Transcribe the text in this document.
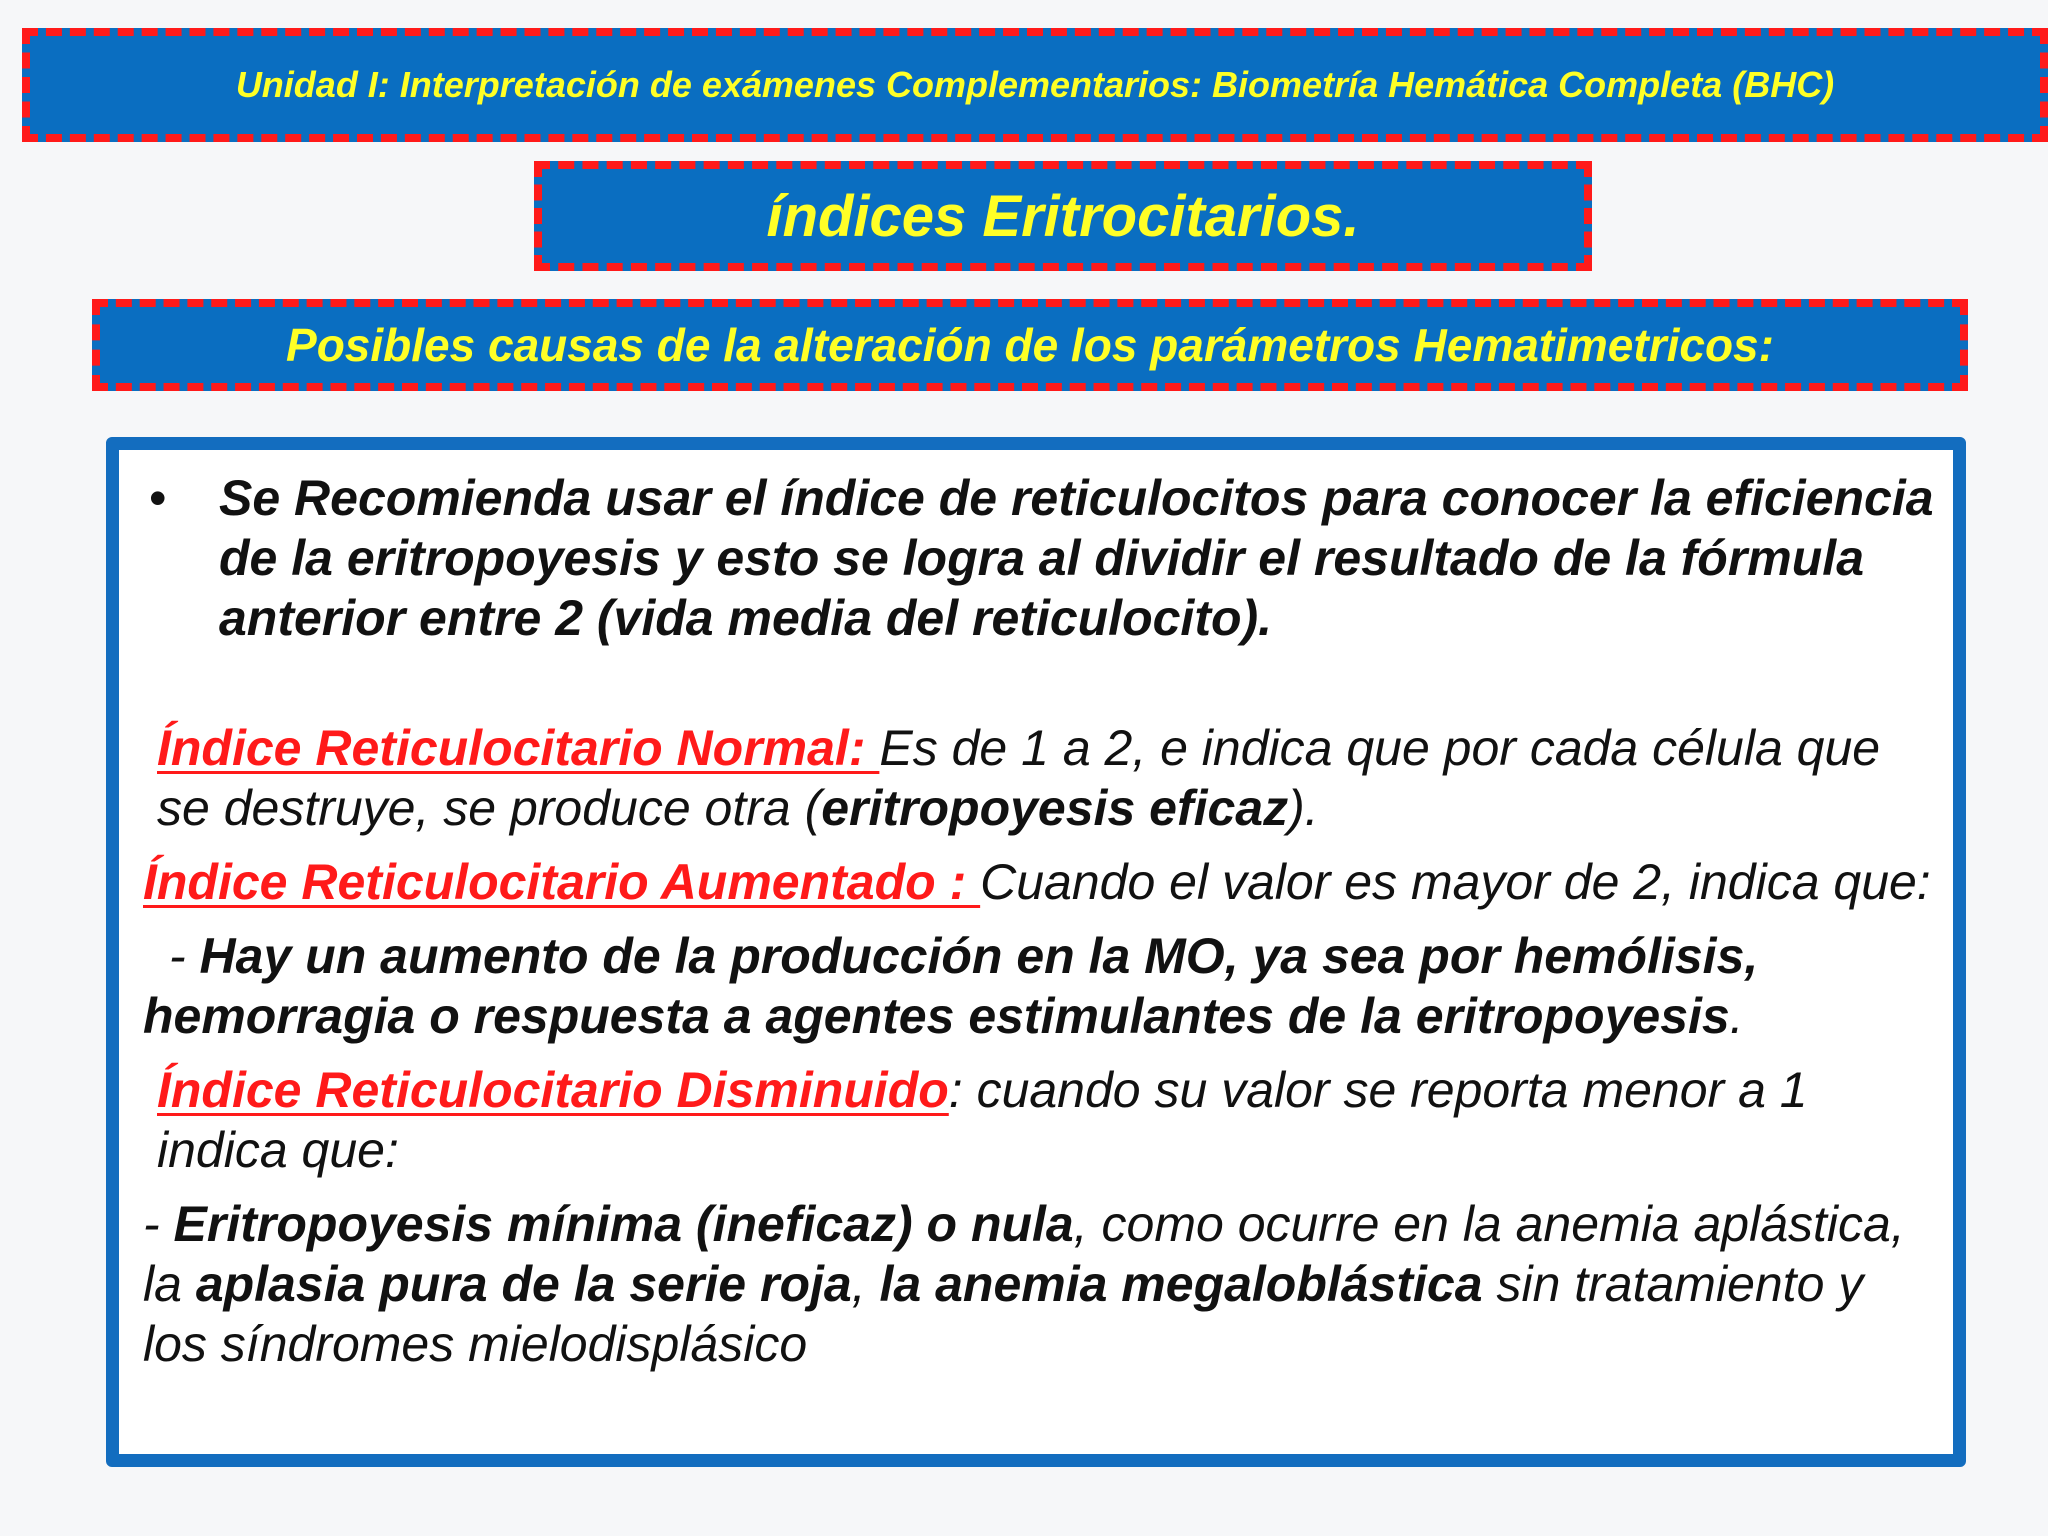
Unidad I: Interpretación de exámenes Complementarios: Biometría Hemática Completa (BHC)
índices Eritrocitarios.
Posibles causas de la alteración de los parámetros Hematimetricos:
• Se Recomienda usar el índice de reticulocitos para conocer la eficiencia de la eritropoyesis y esto se logra al dividir el resultado de la fórmula anterior entre 2 (vida media del reticulocito).

Índice Reticulocitario Normal: Es de 1 a 2, e indica que por cada célula que se destruye, se produce otra (eritropoyesis eficaz).

Índice Reticulocitario Aumentado : Cuando el valor es mayor de 2, indica que:

- Hay un aumento de la producción en la MO, ya sea por hemólisis, hemorragia o respuesta a agentes estimulantes de la eritropoyesis.

Índice Reticulocitario Disminuido: cuando su valor se reporta menor a 1 indica que:

- Eritropoyesis mínima (ineficaz) o nula, como ocurre en la anemia aplástica, la aplasia pura de la serie roja, la anemia megaloblástica sin tratamiento y los síndromes mielodisplásico
